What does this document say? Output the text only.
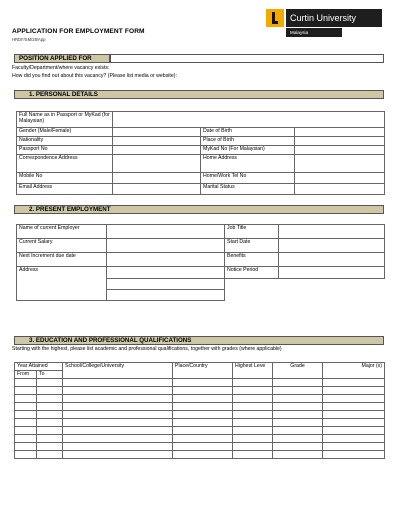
APPLICATION FOR EMPLOYMENT FORM
HRDF/SM/28/App
Curtin University
Malaysia
POSITION APPLIED FOR
Faculty/Department/where vacancy exists:
How did you find out about this vacancy? (Please list media or website):
1. PERSONAL DETAILS
Full Name as in Passport or MyKad (for Malaysian)			
Gender (Male/Female)		Date of Birth	
Nationality		Place of Birth	
Passport No		MyKad No (For Malaysian)	
Correspondence Address		Home Address	
Mobile No		Home/Work Tel No	
Email Address		Marital Status	
2. PRESENT EMPLOYMENT
Name of current Employer		Job Title	
Current Salary		Start Date	
Next Increment due date		Benefits	
Address		Notice Period	

3. EDUCATION AND PROFESSIONAL QUALIFICATIONS
Starting with the highest, please list academic and professional qualifications, together with grades (where applicable)
Year Attained		School/College/University	Place/Country	Highest Leve	Grade	Major (s)
From	To					
